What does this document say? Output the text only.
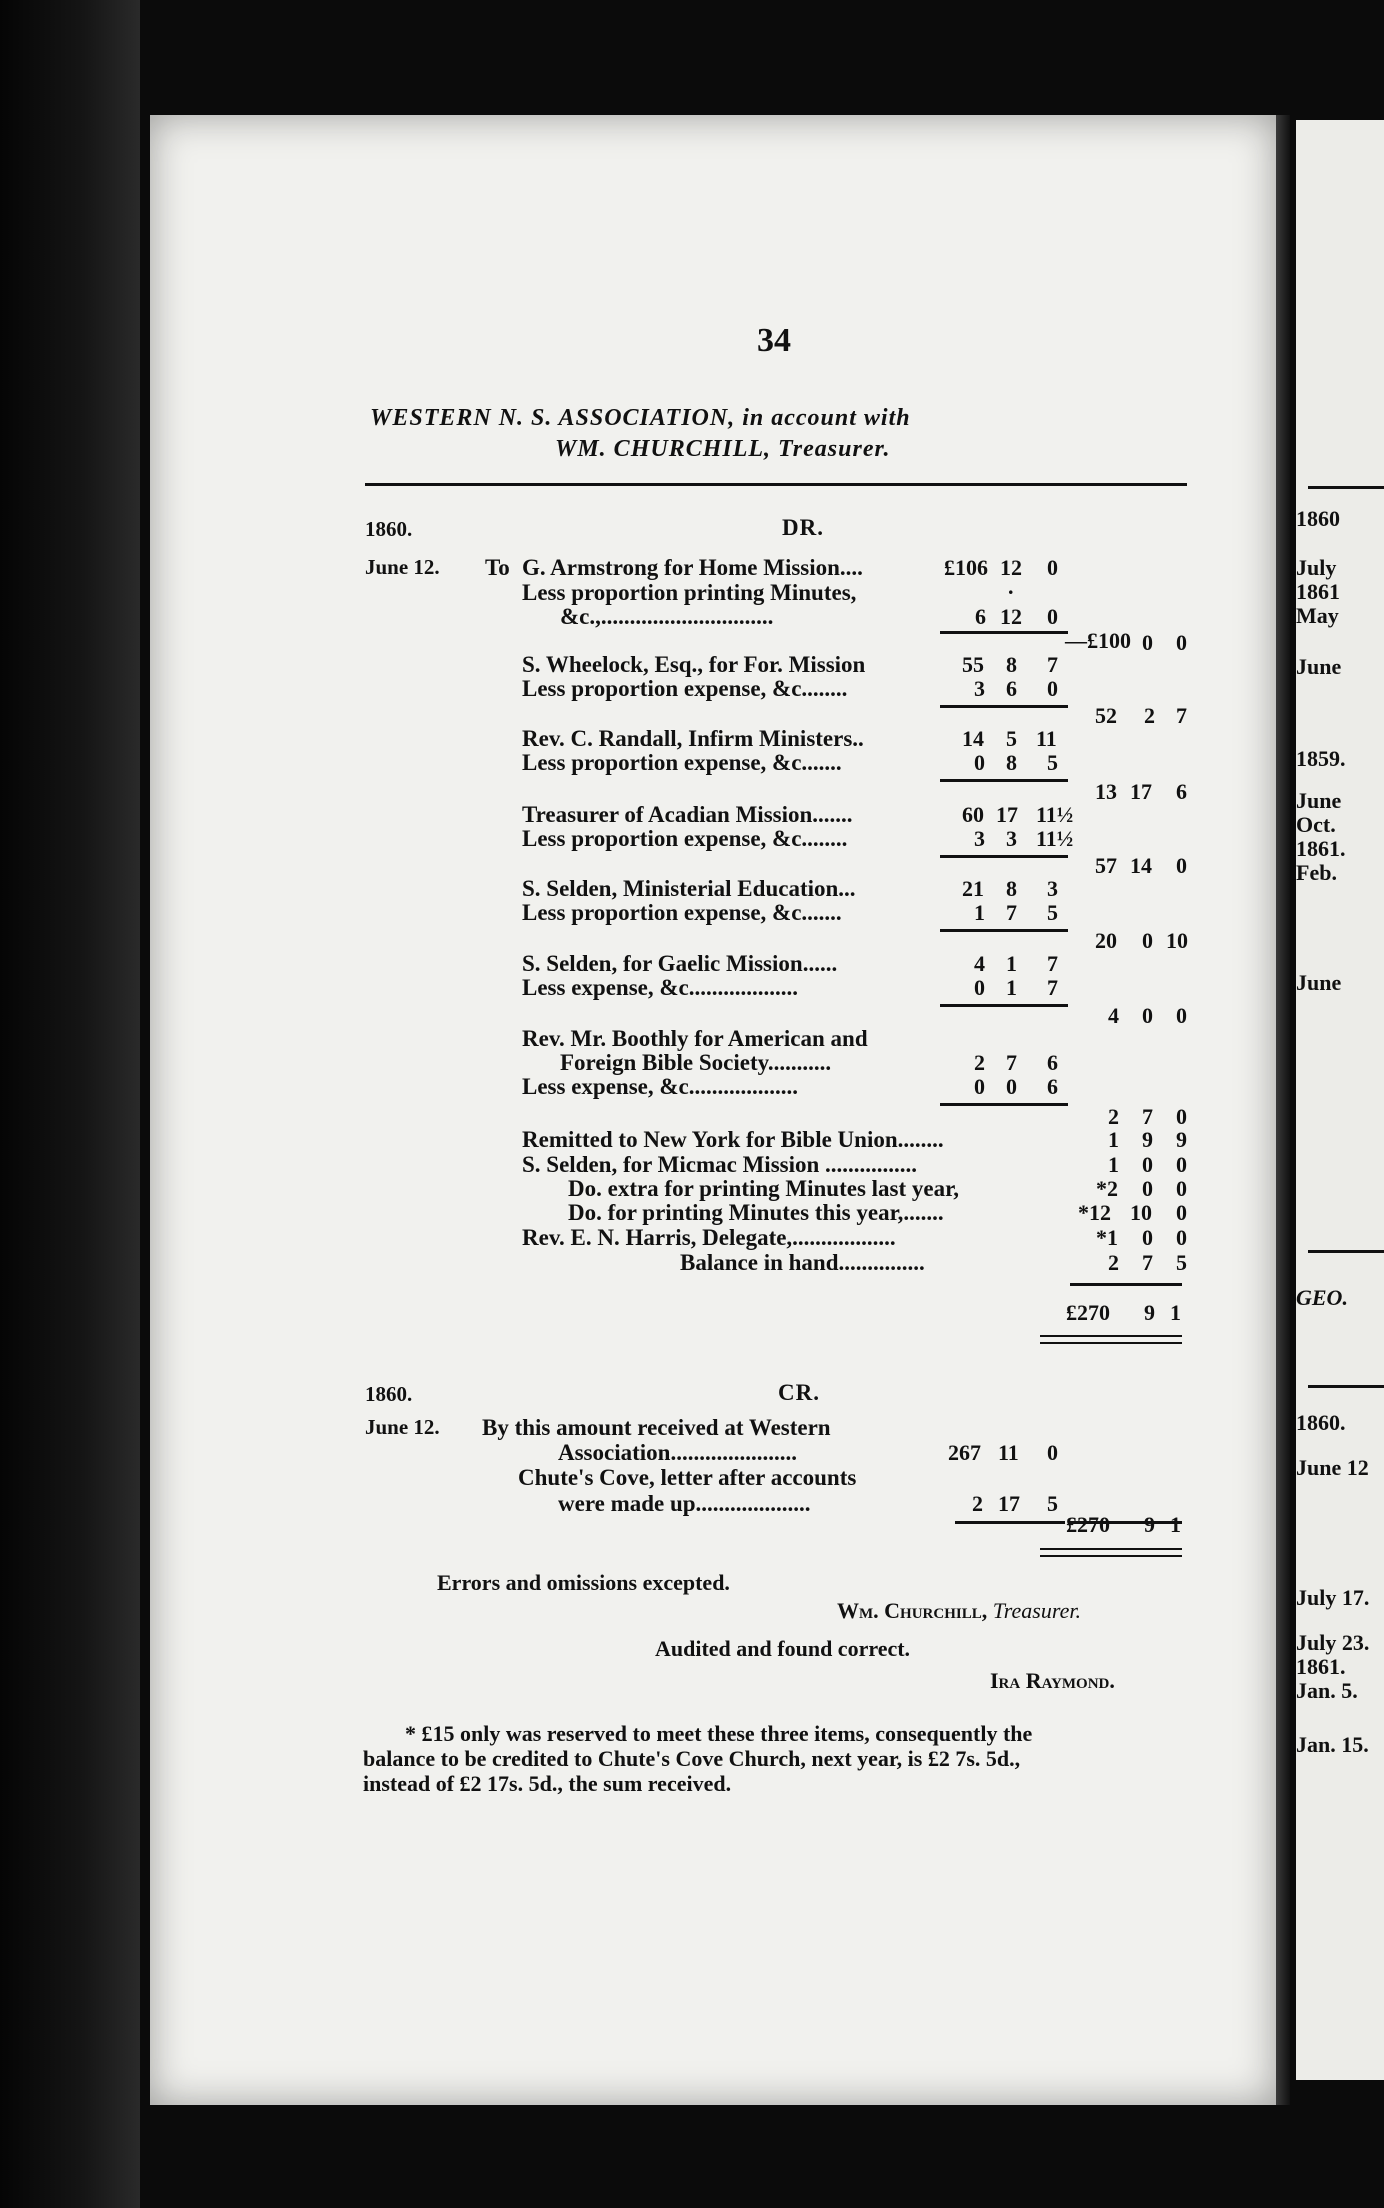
1860
July
1861
May
June
1859.
June
Oct.
1861.
Feb.
June
GEO.
1860.
June 12
July 17.
July 23.
1861.
Jan. 5.
Jan. 15.
34
WESTERN N. S. ASSOCIATION, in account with
WM. CHURCHILL, Treasurer.
1860.	DR.
June 12. To G. Armstrong for Home Mission....
Less proportion printing Minutes,
&c.,..............................
S. Wheelock, Esq., for For. Mission
Less proportion expense, &c........
Rev. C. Randall, Infirm Ministers..
Less proportion expense, &c.......
Treasurer of Acadian Mission.......
Less proportion expense, &c........
S. Selden, Ministerial Education...
Less proportion expense, &c.......
S. Selden, for Gaelic Mission......
Less expense, &c...................
Rev. Mr. Boothly for American and
Foreign Bible Society...........
Less expense, &c...................
£106 12 0
.
6 12 0
55 8 7
3 6 0
14 5 11
0 8 5
60 17 11½
3 3 11½
21 8 3
1 7 5
4 1 7
0 1 7
2 7 6
0 0 6
—£100 0 0
52 2 7
13 17 6
57 14 0
20 0 10
4 0 0
2 7 0
Remitted to New York for Bible Union........
S. Selden, for Micmac Mission ................
Do. extra for printing Minutes last year,
Do. for printing Minutes this year,.......
Rev. E. N. Harris, Delegate,..................
Balance in hand...............
1 9 9
1 0 0
*2 0 0
*12 10 0
*1 0 0
2 7 5
£270 9 1
1860.	CR.
June 12. By this amount received at Western
Association......................
Chute's Cove, letter after accounts
were made up....................
267 11 0
2 17 5
£270 9 1
Errors and omissions excepted.
Wm. Churchill, Treasurer.
Audited and found correct.
Ira Raymond.
* £15 only was reserved to meet these three items, consequently the
balance to be credited to Chute's Cove Church, next year, is £2 7s. 5d.,
instead of £2 17s. 5d., the sum received.
